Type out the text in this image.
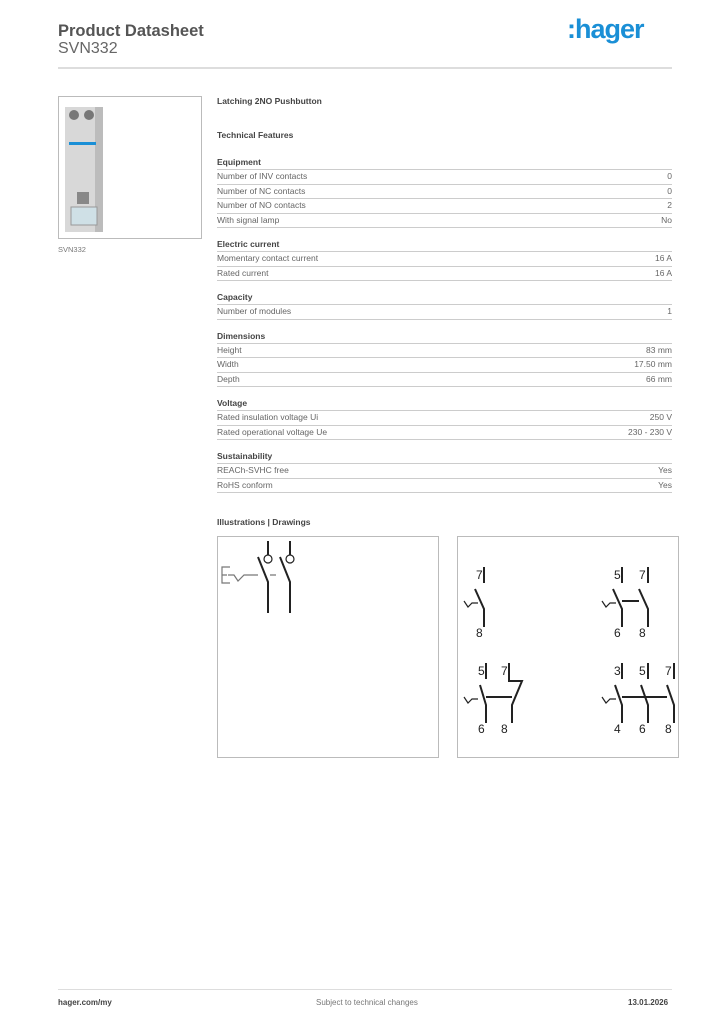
Product Datasheet
SVN332
:hager
SVN332
Latching 2NO Pushbutton
Technical Features
Equipment
Number of INV contacts	0
Number of NC contacts	0
Number of NO contacts	2
With signal lamp	No
Electric current
Momentary contact current	16 A
Rated current	16 A
Capacity
Number of modules	1
Dimensions
Height	83 mm
Width	17.50 mm
Depth	66 mm
Voltage
Rated insulation voltage Ui	250 V
Rated operational voltage Ue	230 - 230 V
Sustainability
REACh-SVHC free	Yes
RoHS conform	Yes
Illustrations | Drawings
7
8
5 7
6 8
5 7
6 8
3 5 7
4 6 8
hager.com/my	Subject to technical changes	13.01.2026
